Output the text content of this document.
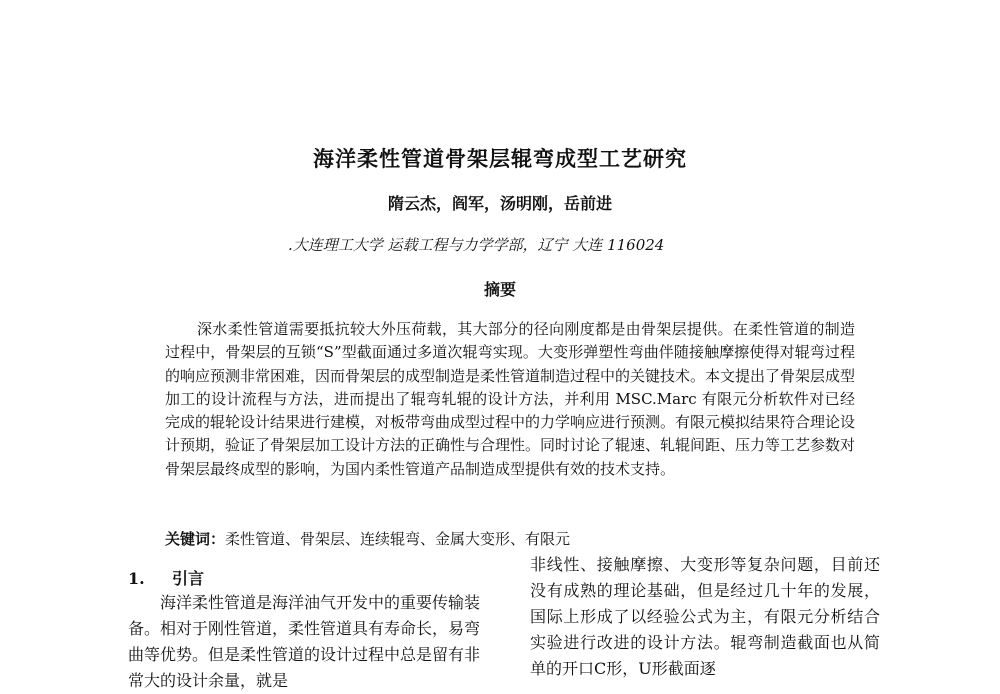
海洋柔性管道骨架层辊弯成型工艺研究
隋云杰，阎军，汤明刚，岳前进
.大连理工大学 运载工程与力学学部，辽宁 大连 116024
摘要

深水柔性管道需要抵抗较大外压荷载，其大部分的径向刚度都是由骨架层提供。在柔性管道的制造过程中，骨架层的互锁“S”型截面通过多道次辊弯实现。大变形弹塑性弯曲伴随接触摩擦使得对辊弯过程的响应预测非常困难，因而骨架层的成型制造是柔性管道制造过程中的关键技术。本文提出了骨架层成型加工的设计流程与方法，进而提出了辊弯轧辊的设计方法，并利用 MSC.Marc 有限元分析软件对已经完成的辊轮设计结果进行建模，对板带弯曲成型过程中的力学响应进行预测。有限元模拟结果符合理论设计预期，验证了骨架层加工设计方法的正确性与合理性。同时讨论了辊速、轧辊间距、压力等工艺参数对骨架层最终成型的影响，为国内柔性管道产品制造成型提供有效的技术支持。

关键词：柔性管道、骨架层、连续辊弯、金属大变形、有限元
1. 引言

海洋柔性管道是海洋油气开发中的重要传输装备。相对于刚性管道，柔性管道具有寿命长，易弯曲等优势。但是柔性管道的设计过程中总是留有非常大的设计余量，就是

非线性、接触摩擦、大变形等复杂问题，目前还没有成熟的理论基础，但是经过几十年的发展，国际上形成了以经验公式为主，有限元分析结合实验进行改进的设计方法。辊弯制造截面也从简单的开口C形，U形截面逐
